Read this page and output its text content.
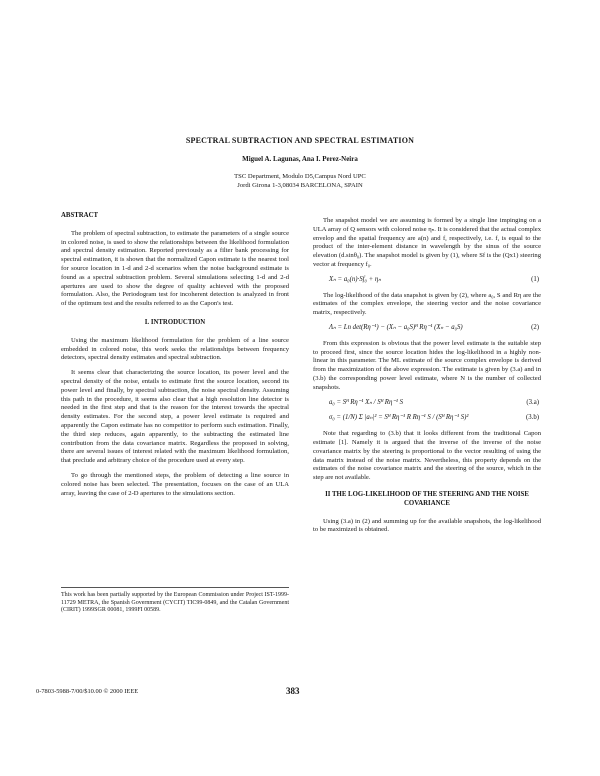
SPECTRAL SUBTRACTION AND SPECTRAL ESTIMATION
Miguel A. Lagunas, Ana I. Perez-Neira
TSC Department, Modulo D5,Campus Nord UPC
Jordi Girona 1-3,08034 BARCELONA, SPAIN
ABSTRACT

The problem of spectral subtraction, to estimate the parameters of a single source in colored noise, is used to show the relationships between the likelihood formulation and spectral density estimation. Reported previously as a filter bank processing for spectral estimation, it is shown that the normalized Capon estimate is the nearest tool for source location in 1-d and 2-d scenarios when the noise background estimate is found as a spectral subtraction problem. Several simulations selecting 1-d and 2-d apertures are used to show the degree of quality achieved with the proposed formulation. Also, the Periodogram test for incoherent detection is analyzed in front of the optimum test and the results referred to as the Capon's test.

I. INTRODUCTION

Using the maximum likelihood formulation for the problem of a line source embedded in colored noise, this work seeks the relationships between frequency detectors, spectral density estimates and spectral subtraction.

It seems clear that characterizing the source location, its power level and the spectral density of the noise, entails to estimate first the source location, second its power level and finally, by spectral subtraction, the noise spectral density. Assuming this path in the procedure, it seems also clear that a high resolution line detector is needed in the first step and that is the reason for the interest towards the spectral density estimates. For the second step, a power level estimate is required and apparently the Capon estimate has no competitor to perform such estimation. Finally, the third step reduces, again apparently, to the subtracting the estimated line contribution from the data covariance matrix. Regardless the proposed in solving, there are several issues of interest related with the maximum likelihood formulation, that preclude and arbitrary choice of the procedure used at every step.

To go through the mentioned steps, the problem of detecting a line source in colored noise has been selected. The presentation, focuses on the case of an ULA array, leaving the case of 2-D apertures to the simulations section.

This work has been partially supported by the European Commission under Project IST-1999-11729 METRA, the Spanish Government (CYCIT) TIC99-0849, and the Catalan Government (CIRIT) 1999SGR 00081, 1999FI 00589.

The snapshot model we are assuming is formed by a single line impinging on a ULA array of Q sensors with colored noise ηₙ. It is considered that the actual complex envelop and the spatial frequency are a(n) and f, respectively, i.e. f, is equal to the product of the inter-element distance in wavelength by the sinus of the source elevation (d.sinθ₀). The snapshot model is given by (1), where Sf is the (Qx1) steering vector at frequency f₀.

Xₙ = a₀(n)·Sf₀ + ηₙ	(1)

The log-likelihood of the data snapshot is given by (2), where a₀, S and Rη are the estimates of the complex envelope, the steering vector and the noise covariance matrix, respectively.

Λₙ = Ln det(Rη⁻¹) − (Xₙ − a₀S)ᴴ Rη⁻¹ (Xₙ − a₀S)	(2)

From this expression is obvious that the power level estimate is the suitable step to proceed first, since the source location hides the log-likelihood in a highly non-linear in this parameter. The ML estimate of the source complex envelope is derived from the maximization of the above expression. The estimate is given by (3.a) and in (3.b) the corresponding power level estimate, where N is the number of collected snapshots.

a₀ = Sᴴ Rη⁻¹ Xₙ / Sᴴ Rη⁻¹ S	(3.a)
σ₀ = (1/N) Σ |aₙ|² = Sᴴ Rη⁻¹ R Rη⁻¹ S / (Sᴴ Rη⁻¹ S)²	(3.b)

Note that regarding to (3.b) that it looks different from the traditional Capon estimate [1]. Namely it is argued that the inverse of the inverse of the noise covariance matrix by the steering is proportional to the vector resulting of using the data matrix instead of the noise matrix. Nevertheless, this property depends on the estimates of the noise covariance matrix and the steering of the source, which in the step are not available.

II THE LOG-LIKELIHOOD OF THE STEERING AND THE NOISE COVARIANCE

Using (3.a) in (2) and summing up for the available snapshots, the log-likelihood to be maximized is obtained.

0-7803-5988-7/00/$10.00 © 2000 IEEE	383
